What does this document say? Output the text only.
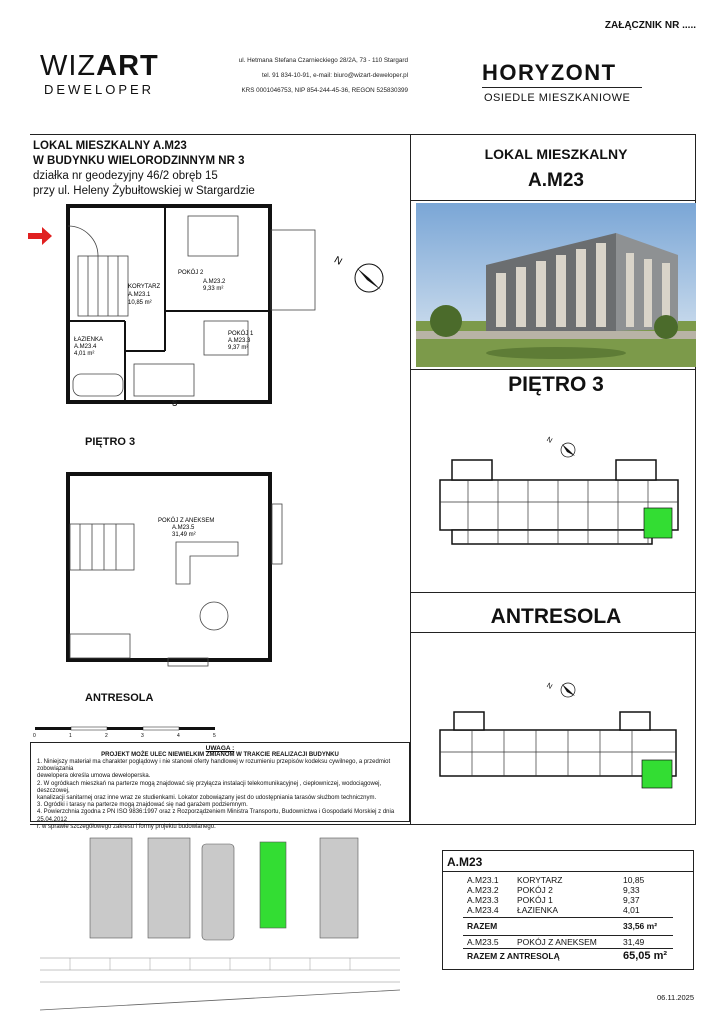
ZAŁĄCZNIK NR .....
WIZART
DEWELOPER
ul. Hetmana Stefana Czarnieckiego 28/2A, 73 - 110 Stargard
tel. 91 834-10-91, e-mail: biuro@wizart-deweloper.pl
KRS 0001046753, NIP 854-244-45-36, REGON 525830399
HORYZONT
OSIEDLE MIESZKANIOWE
LOKAL MIESZKALNY A.M23
W BUDYNKU WIELORODZINNYM NR 3
działka nr geodezyjny 46/2 obręb 15
przy ul. Heleny Żybułtowskiej w Stargardzie
LOKAL MIESZKALNY
A.M23
PIĘTRO 3
ANTRESOLA
POKÓJ 2
A.M23.2
9,33 m²
KORYTARZ
A.M23.1
10,85 m²
POKÓJ 1
A.M23.3
9,37 m²
ŁAZIENKA
A.M23.4
4,01 m²
S
N
PIĘTRO 3
POKÓJ Z ANEKSEM
A.M23.5
31,49 m²
ANTRESOLA
0	1	2	3	4	5
UWAGA :
PROJEKT MOŻE ULEC NIEWIELKIM ZMIANOM W TRAKCIE REALIZACJI BUDYNKU
1. Niniejszy materiał ma charakter poglądowy i nie stanowi oferty handlowej w rozumieniu przepisów kodeksu cywilnego, a przedmiot zobowiązania
dewelopera określa umowa deweloperska.
2. W ogródkach mieszkań na parterze mogą znajdować się przyłącza instalacji telekomunikacyjnej , ciepłowniczej, wodociągowej, deszczowej,
kanalizacji sanitarnej oraz inne wraz ze studienkami. Lokator zobowiązany jest do udostępniania tarasów służbom technicznym.
3. Ogródki i tarasy na parterze mogą znajdować się nad garażem podziemnym.
4. Powierzchnia zgodna z PN ISO 9836:1997 oraz z Rozporządzeniem Ministra Transportu, Budownictwa i Gospodarki Morskiej z dnia 25.04.2012
r. w sprawie szczegółowego zakresu i formy projektu budowlanego.
N
N
A.M23
A.M23.1 KORYTARZ	10,85
A.M23.2 POKÓJ 2	9,33
A.M23.3 POKÓJ 1	9,37
A.M23.4 ŁAZIENKA	4,01
RAZEM	33,56 m²
A.M23.5 POKÓJ Z ANEKSEM	31,49
RAZEM Z ANTRESOLĄ	65,05 m²
06.11.2025
